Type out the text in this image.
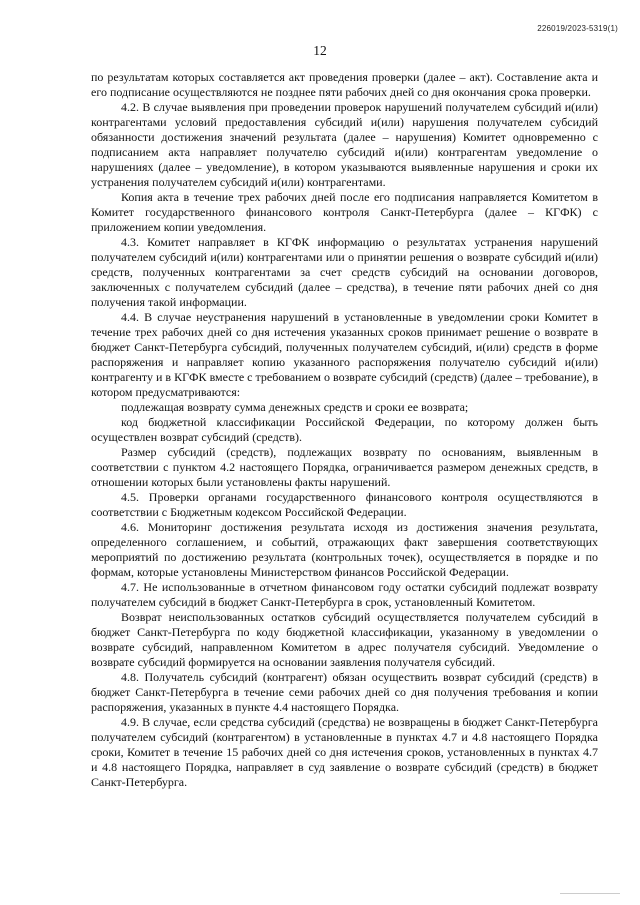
226019/2023-5319(1)
12

по результатам которых составляется акт проведения проверки (далее – акт). Составление акта и его подписание осуществляются не позднее пяти рабочих дней со дня окончания срока проверки.

4.2. В случае выявления при проведении проверок нарушений получателем субсидий и(или) контрагентами условий предоставления субсидий и(или) нарушения получателем субсидий обязанности достижения значений результата (далее – нарушения) Комитет одновременно с подписанием акта направляет получателю субсидий и(или) контрагентам уведомление о нарушениях (далее – уведомление), в котором указываются выявленные нарушения и сроки их устранения получателем субсидий и(или) контрагентами.

Копия акта в течение трех рабочих дней после его подписания направляется Комитетом в Комитет государственного финансового контроля Санкт-Петербурга (далее – КГФК) с приложением копии уведомления.

4.3. Комитет направляет в КГФК информацию о результатах устранения нарушений получателем субсидий и(или) контрагентами или о принятии решения о возврате субсидий и(или) средств, полученных контрагентами за счет средств субсидий на основании договоров, заключенных с получателем субсидий (далее – средства), в течение пяти рабочих дней со дня получения такой информации.

4.4. В случае неустранения нарушений в установленные в уведомлении сроки Комитет в течение трех рабочих дней со дня истечения указанных сроков принимает решение о возврате в бюджет Санкт-Петербурга субсидий, полученных получателем субсидий, и(или) средств в форме распоряжения и направляет копию указанного распоряжения получателю субсидий и(или) контрагенту и в КГФК вместе с требованием о возврате субсидий (средств) (далее – требование), в котором предусматриваются:

подлежащая возврату сумма денежных средств и сроки ее возврата;

код бюджетной классификации Российской Федерации, по которому должен быть осуществлен возврат субсидий (средств).

Размер субсидий (средств), подлежащих возврату по основаниям, выявленным в соответствии с пунктом 4.2 настоящего Порядка, ограничивается размером денежных средств, в отношении которых были установлены факты нарушений.

4.5. Проверки органами государственного финансового контроля осуществляются в соответствии с Бюджетным кодексом Российской Федерации.

4.6. Мониторинг достижения результата исходя из достижения значения результата, определенного соглашением, и событий, отражающих факт завершения соответствующих мероприятий по достижению результата (контрольных точек), осуществляется в порядке и по формам, которые установлены Министерством финансов Российской Федерации.

4.7. Не использованные в отчетном финансовом году остатки субсидий подлежат возврату получателем субсидий в бюджет Санкт-Петербурга в срок, установленный Комитетом.

Возврат неиспользованных остатков субсидий осуществляется получателем субсидий в бюджет Санкт-Петербурга по коду бюджетной классификации, указанному в уведомлении о возврате субсидий, направленном Комитетом в адрес получателя субсидий. Уведомление о возврате субсидий формируется на основании заявления получателя субсидий.

4.8. Получатель субсидий (контрагент) обязан осуществить возврат субсидий (средств) в бюджет Санкт-Петербурга в течение семи рабочих дней со дня получения требования и копии распоряжения, указанных в пункте 4.4 настоящего Порядка.

4.9. В случае, если средства субсидий (средства) не возвращены в бюджет Санкт-Петербурга получателем субсидий (контрагентом) в установленные в пунктах 4.7 и 4.8 настоящего Порядка сроки, Комитет в течение 15 рабочих дней со дня истечения сроков, установленных в пунктах 4.7 и 4.8 настоящего Порядка, направляет в суд заявление о возврате субсидий (средств) в бюджет Санкт-Петербурга.
